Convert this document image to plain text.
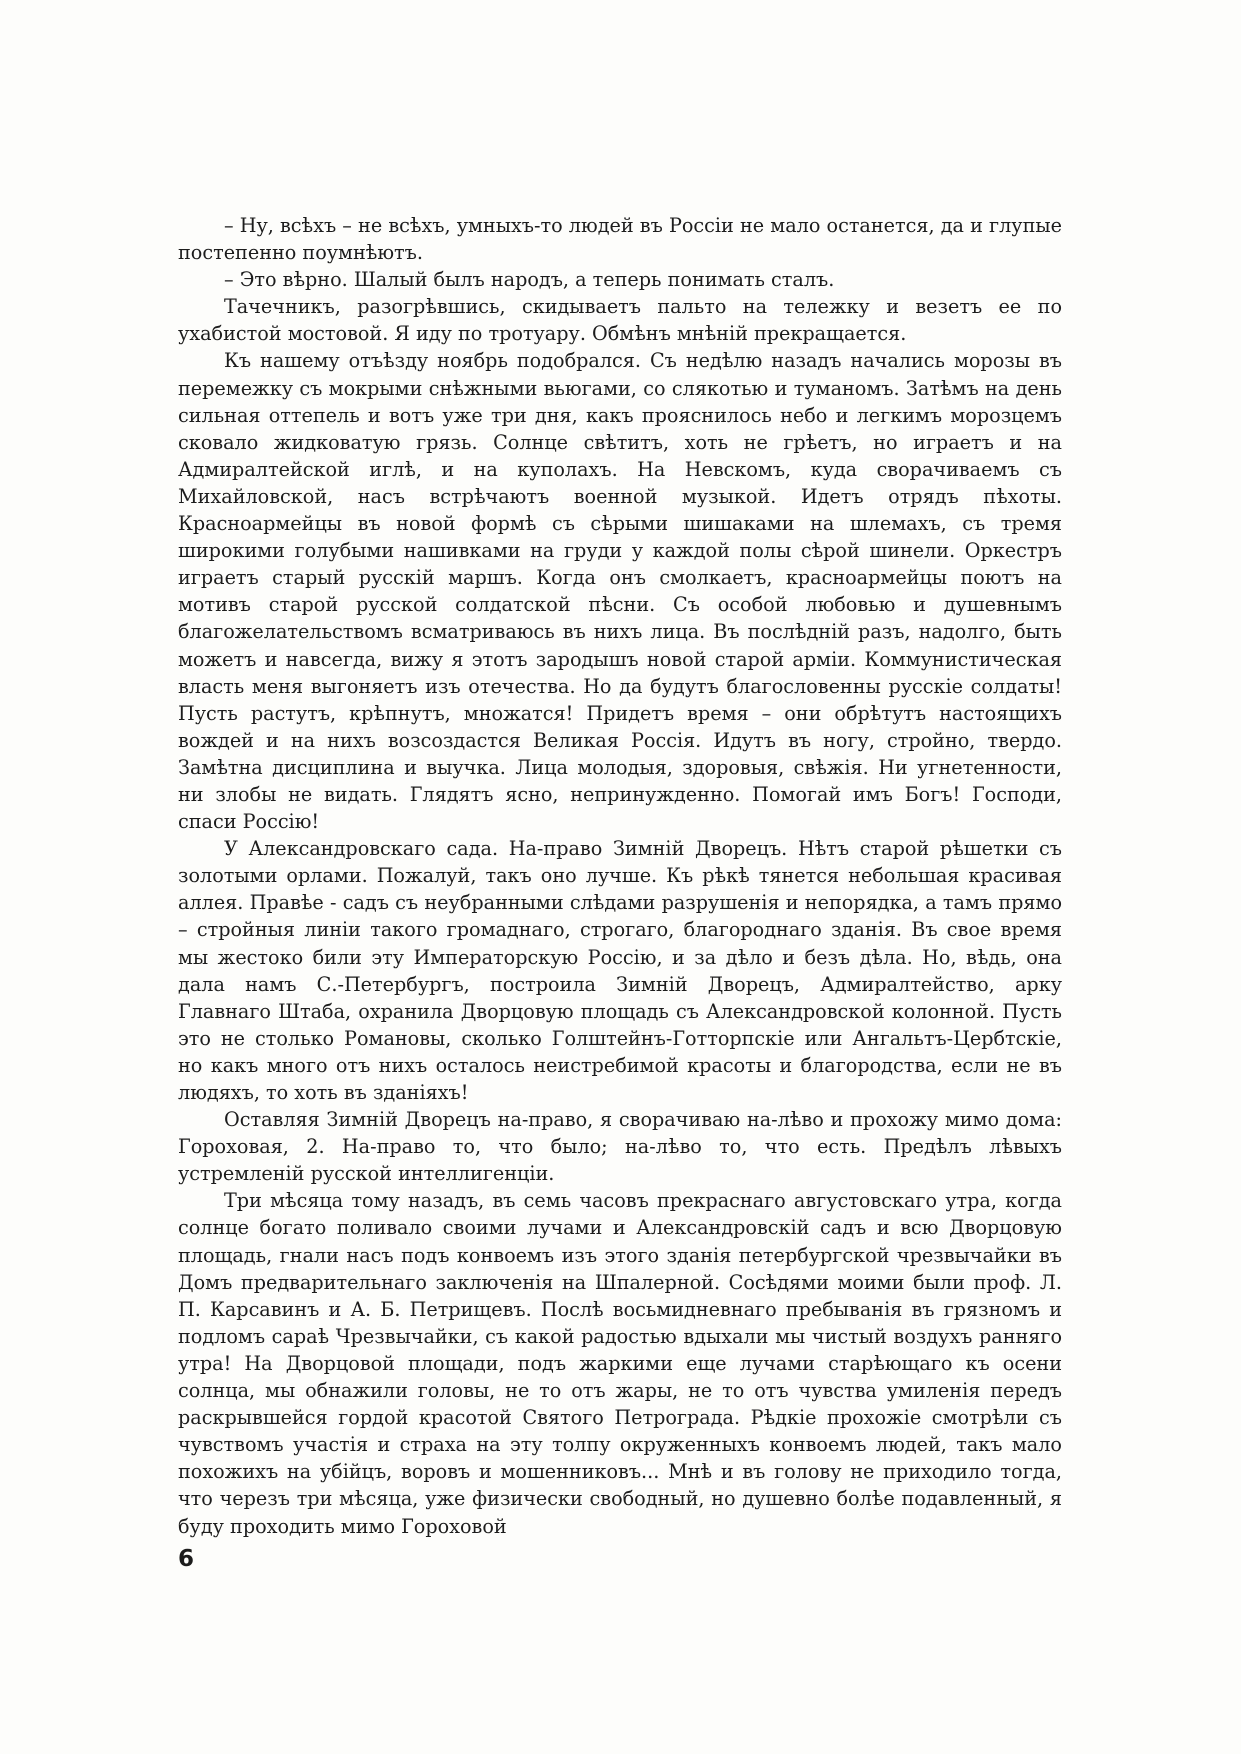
– Ну, всѣхъ – не всѣхъ, умныхъ-то людей въ Россіи не мало останется, да и глупые постепенно поумнѣютъ.

– Это вѣрно. Шалый былъ народъ, а теперь понимать сталъ.

Тачечникъ, разогрѣвшись, скидываетъ пальто на тележку и везетъ ее по ухабистой мостовой. Я иду по тротуару. Обмѣнъ мнѣній прекращается.

Къ нашему отъѣзду ноябрь подобрался. Съ недѣлю назадъ начались морозы въ перемежку съ мокрыми снѣжными вьюгами, со слякотью и туманомъ. Затѣмъ на день сильная оттепель и вотъ уже три дня, какъ прояснилось небо и легкимъ морозцемъ сковало жидковатую грязь. Солнце свѣтитъ, хоть не грѣетъ, но играетъ и на Адмиралтейской иглѣ, и на куполахъ. На Невскомъ, куда сворачиваемъ съ Михайловской, насъ встрѣчаютъ военной музыкой. Идетъ отрядъ пѣхоты. Красноармейцы въ новой формѣ съ сѣрыми шишаками на шлемахъ, съ тремя широкими голубыми нашивками на груди у каждой полы сѣрой шинели. Оркестръ играетъ старый русскій маршъ. Когда онъ смолкаетъ, красноармейцы поютъ на мотивъ старой русской солдатской пѣсни. Съ особой любовью и душевнымъ благожелательствомъ всматриваюсь въ нихъ лица. Въ послѣдній разъ, надолго, быть можетъ и навсегда, вижу я этотъ зародышъ новой старой арміи. Коммунистическая власть меня выгоняетъ изъ отечества. Но да будутъ благословенны русскіе солдаты! Пусть растутъ, крѣпнутъ, множатся! Придетъ время – они обрѣтутъ настоящихъ вождей и на нихъ возсоздастся Великая Россія. Идутъ въ ногу, стройно, твердо. Замѣтна дисциплина и выучка. Лица молодыя, здоровыя, свѣжія. Ни угнетенности, ни злобы не видать. Глядятъ ясно, непринужденно. Помогай имъ Богъ! Господи, спаси Россію!

У Александровскаго сада. На-право Зимній Дворецъ. Нѣтъ старой рѣшетки съ золотыми орлами. Пожалуй, такъ оно лучше. Къ рѣкѣ тянется небольшая красивая аллея. Правѣе - садъ съ неубранными слѣдами разрушенія и непорядка, а тамъ прямо – стройныя линіи такого громаднаго, строгаго, благороднаго зданія. Въ свое время мы жестоко били эту Императорскую Россію, и за дѣло и безъ дѣла. Но, вѣдь, она дала намъ С.-Петербургъ, построила Зимній Дворецъ, Адмиралтейство, арку Главнаго Штаба, охранила Дворцовую площадь съ Александровской колонной. Пусть это не столько Романовы, сколько Голштейнъ-Готторпскіе или Ангальтъ-Цербтскіе, но какъ много отъ нихъ осталось неистребимой красоты и благородства, если не въ людяхъ, то хоть въ зданіяхъ!

Оставляя Зимній Дворецъ на-право, я сворачиваю на-лѣво и прохожу мимо дома: Гороховая, 2. На-право то, что было; на-лѣво то, что есть. Предѣлъ лѣвыхъ устремленій русской интеллигенціи.

Три мѣсяца тому назадъ, въ семь часовъ прекраснаго августовскаго утра, когда солнце богато поливало своими лучами и Александровскій садъ и всю Дворцовую площадь, гнали насъ подъ конвоемъ изъ этого зданія петербургской чрезвычайки въ Домъ предварительнаго заключенія на Шпалерной. Сосѣдями моими были проф. Л. П. Карсавинъ и А. Б. Петрищевъ. Послѣ восьмидневнаго пребыванія въ грязномъ и подломъ сараѣ Чрезвычайки, съ какой радостью вдыхали мы чистый воздухъ ранняго утра! На Дворцовой площади, подъ жаркими еще лучами старѣющаго къ осени солнца, мы обнажили головы, не то отъ жары, не то отъ чувства умиленія передъ раскрывшейся гордой красотой Святого Петрограда. Рѣдкіе прохожіе смотрѣли съ чувствомъ участія и страха на эту толпу окруженныхъ конвоемъ людей, такъ мало похожихъ на убійцъ, воровъ и мошенниковъ... Мнѣ и въ голову не приходило тогда, что черезъ три мѣсяца, уже физически свободный, но душевно болѣе подавленный, я буду проходить мимо Гороховой

6
